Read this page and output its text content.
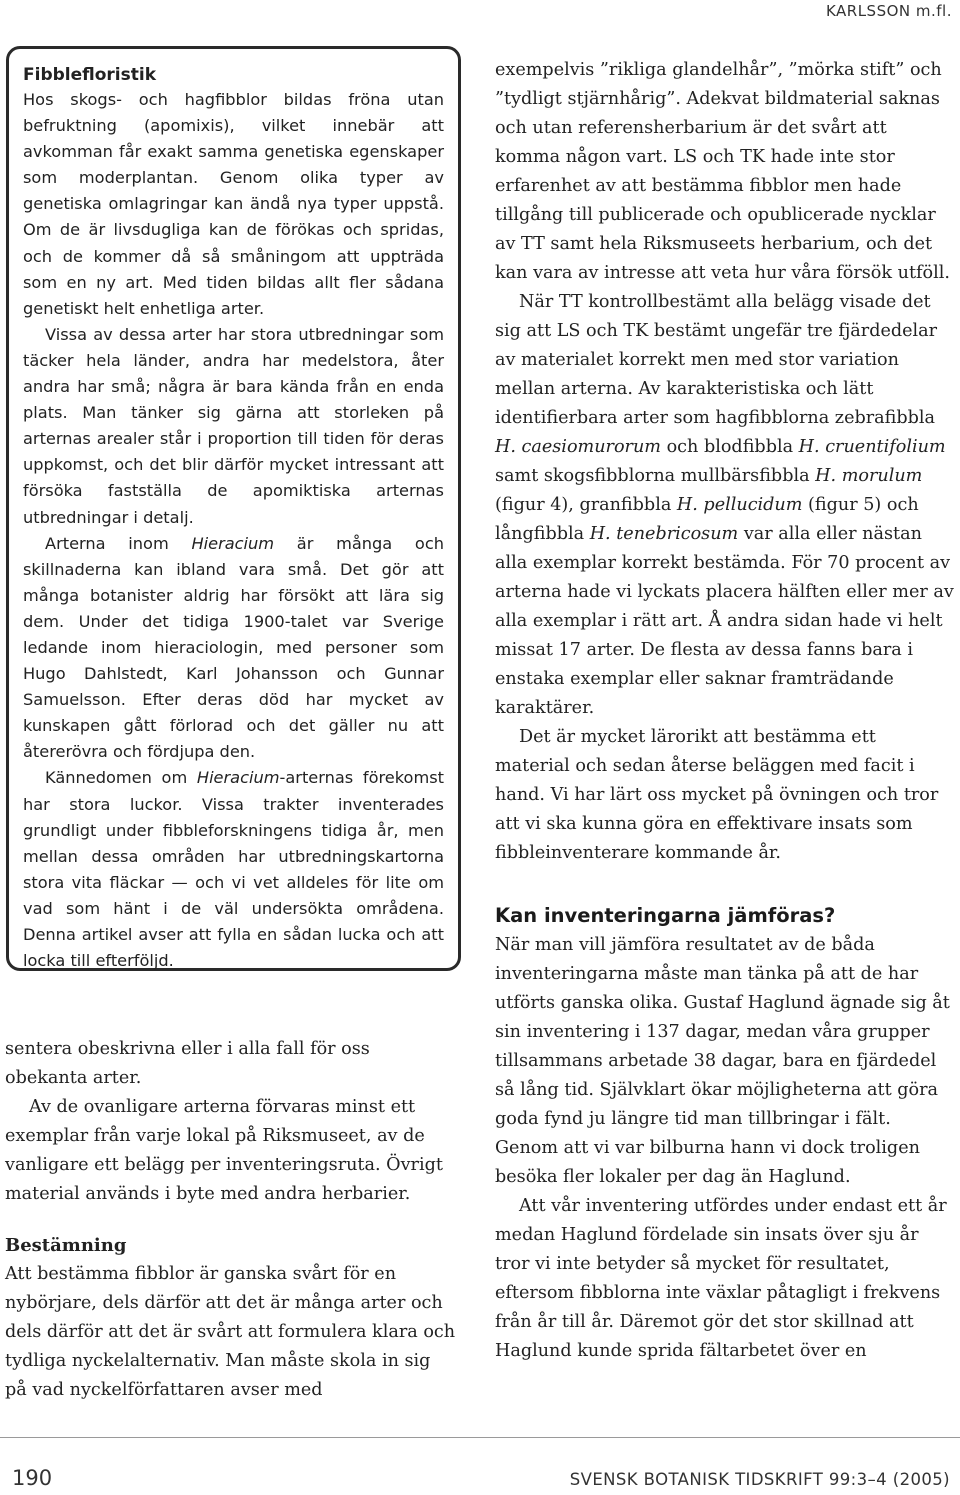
KARLSSON m.fl.
Fibblefloristik

Hos skogs- och hagfibblor bildas fröna utan befruktning (apomixis), vilket innebär att avkomman får exakt samma genetiska egenskaper som moderplantan. Genom olika typer av genetiska omlagringar kan ändå nya typer uppstå. Om de är livsdugliga kan de förökas och spridas, och de kommer då så småningom att uppträda som en ny art. Med tiden bildas allt fler sådana genetiskt helt enhetliga arter.

Vissa av dessa arter har stora utbredningar som täcker hela länder, andra har medelstora, åter andra har små; några är bara kända från en enda plats. Man tänker sig gärna att storleken på arternas arealer står i proportion till tiden för deras uppkomst, och det blir därför mycket intressant att försöka fastställa de apomiktiska arternas utbredningar i detalj.

Arterna inom Hieracium är många och skillnaderna kan ibland vara små. Det gör att många botanister aldrig har försökt att lära sig dem. Under det tidiga 1900-talet var Sverige ledande inom hieraciologin, med personer som Hugo Dahlstedt, Karl Johansson och Gunnar Samuelsson. Efter deras död har mycket av kunskapen gått förlorad och det gäller nu att återerövra och fördjupa den.

Kännedomen om Hieracium-arternas förekomst har stora luckor. Vissa trakter inventerades grundligt under fibbleforskningens tidiga år, men mellan dessa områden har utbredningskartorna stora vita fläckar — och vi vet alldeles för lite om vad som hänt i de väl undersökta områdena. Denna artikel avser att fylla en sådan lucka och att locka till efterföljd.

sentera obeskrivna eller i alla fall för oss obekanta arter.

Av de ovanligare arterna förvaras minst ett exemplar från varje lokal på Riksmuseet, av de vanligare ett belägg per inventeringsruta. Övrigt material används i byte med andra herbarier.

Bestämning

Att bestämma fibblor är ganska svårt för en nybörjare, dels därför att det är många arter och dels därför att det är svårt att formulera klara och tydliga nyckelalternativ. Man måste skola in sig på vad nyckelförfattaren avser med

exempelvis ”rikliga glandelhår”, ”mörka stift” och ”tydligt stjärnhårig”. Adekvat bildmaterial saknas och utan referensherbarium är det svårt att komma någon vart. LS och TK hade inte stor erfarenhet av att bestämma fibblor men hade tillgång till publicerade och opublicerade nycklar av TT samt hela Riksmuseets herbarium, och det kan vara av intresse att veta hur våra försök utföll.

När TT kontrollbestämt alla belägg visade det sig att LS och TK bestämt ungefär tre fjärdedelar av materialet korrekt men med stor variation mellan arterna. Av karakteristiska och lätt identifierbara arter som hagfibblorna zebrafibbla H. caesiomurorum och blodfibbla H. cruentifolium samt skogsfibblorna mullbärsfibbla H. morulum (figur 4), granfibbla H. pellucidum (figur 5) och långfibbla H. tenebricosum var alla eller nästan alla exemplar korrekt bestämda. För 70 procent av arterna hade vi lyckats placera hälften eller mer av alla exemplar i rätt art. Å andra sidan hade vi helt missat 17 arter. De flesta av dessa fanns bara i enstaka exemplar eller saknar framträdande karaktärer.

Det är mycket lärorikt att bestämma ett material och sedan återse beläggen med facit i hand. Vi har lärt oss mycket på övningen och tror att vi ska kunna göra en effektivare insats som fibbleinventerare kommande år.

Kan inventeringarna jämföras?

När man vill jämföra resultatet av de båda inventeringarna måste man tänka på att de har utförts ganska olika. Gustaf Haglund ägnade sig åt sin inventering i 137 dagar, medan våra grupper tillsammans arbetade 38 dagar, bara en fjärdedel så lång tid. Självklart ökar möjligheterna att göra goda fynd ju längre tid man tillbringar i fält. Genom att vi var bilburna hann vi dock troligen besöka fler lokaler per dag än Haglund.

Att vår inventering utfördes under endast ett år medan Haglund fördelade sin insats över sju år tror vi inte betyder så mycket för resultatet, eftersom fibblorna inte växlar påtagligt i frekvens från år till år. Däremot gör det stor skillnad att Haglund kunde sprida fältarbetet över en

190	SVENSK BOTANISK TIDSKRIFT 99:3–4 (2005)
